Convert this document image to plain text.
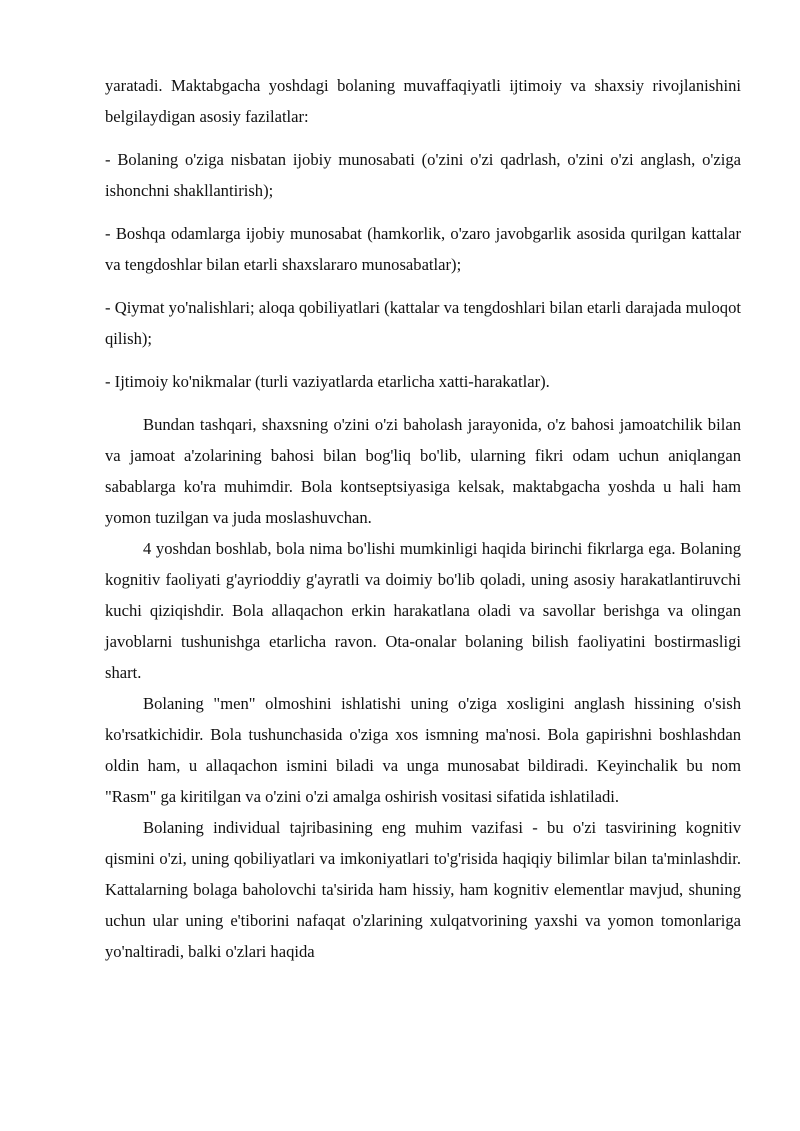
yaratadi. Maktabgacha yoshdagi bolaning muvaffaqiyatli ijtimoiy va shaxsiy rivojlanishini belgilaydigan asosiy fazilatlar:

- Bolaning o'ziga nisbatan ijobiy munosabati (o'zini o'zi qadrlash, o'zini o'zi anglash, o'ziga ishonchni shakllantirish);

- Boshqa odamlarga ijobiy munosabat (hamkorlik, o'zaro javobgarlik asosida qurilgan kattalar va tengdoshlar bilan etarli shaxslararo munosabatlar);

- Qiymat yo'nalishlari; aloqa qobiliyatlari (kattalar va tengdoshlari bilan etarli darajada muloqot qilish);

- Ijtimoiy ko'nikmalar (turli vaziyatlarda etarlicha xatti-harakatlar).

Bundan tashqari, shaxsning o'zini o'zi baholash jarayonida, o'z bahosi jamoatchilik bilan va jamoat a'zolarining bahosi bilan bog'liq bo'lib, ularning fikri odam uchun aniqlangan sabablarga ko'ra muhimdir. Bola kontseptsiyasiga kelsak, maktabgacha yoshda u hali ham yomon tuzilgan va juda moslashuvchan.

4 yoshdan boshlab, bola nima bo'lishi mumkinligi haqida birinchi fikrlarga ega. Bolaning kognitiv faoliyati g'ayrioddiy g'ayratli va doimiy bo'lib qoladi, uning asosiy harakatlantiruvchi kuchi qiziqishdir. Bola allaqachon erkin harakatlana oladi va savollar berishga va olingan javoblarni tushunishga etarlicha ravon. Ota-onalar bolaning bilish faoliyatini bostirmasligi shart.

Bolaning "men" olmoshini ishlatishi uning o'ziga xosligini anglash hissining o'sish ko'rsatkichidir. Bola tushunchasida o'ziga xos ismning ma'nosi. Bola gapirishni boshlashdan oldin ham, u allaqachon ismini biladi va unga munosabat bildiradi. Keyinchalik bu nom "Rasm" ga kiritilgan va o'zini o'zi amalga oshirish vositasi sifatida ishlatiladi.

Bolaning individual tajribasining eng muhim vazifasi - bu o'zi tasvirining kognitiv qismini o'zi, uning qobiliyatlari va imkoniyatlari to'g'risida haqiqiy bilimlar bilan ta'minlashdir. Kattalarning bolaga baholovchi ta'sirida ham hissiy, ham kognitiv elementlar mavjud, shuning uchun ular uning e'tiborini nafaqat o'zlarining xulqatvorining yaxshi va yomon tomonlariga yo'naltiradi, balki o'zlari haqida
